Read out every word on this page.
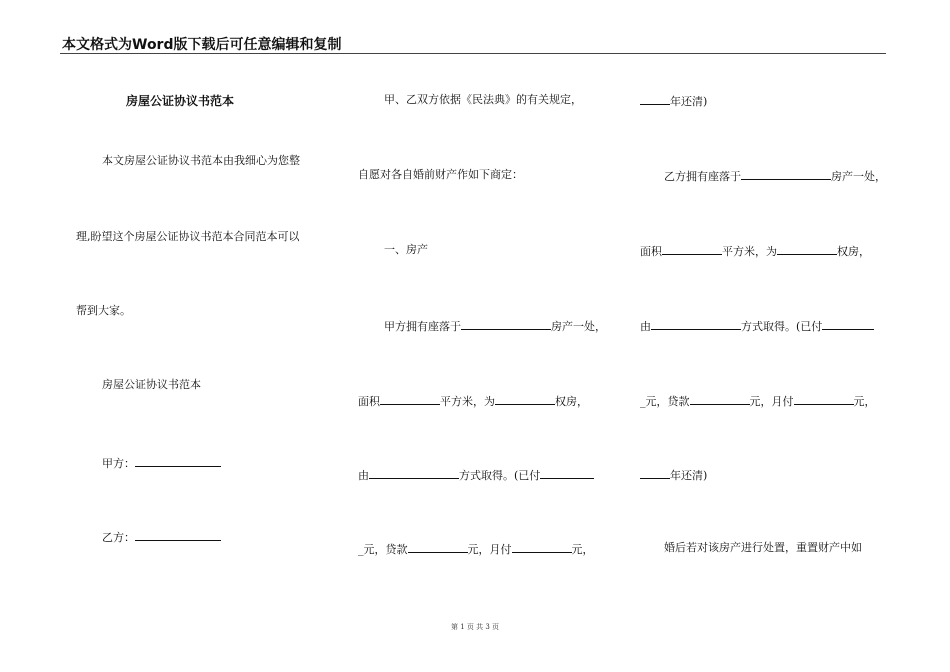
本文格式为Word版下载后可任意编辑和复制
房屋公证协议书范本
本文房屋公证协议书范本由我细心为您整
理,盼望这个房屋公证协议书范本合同范本可以
帮到大家。
房屋公证协议书范本
甲方：
乙方：
甲、乙双方依据《民法典》的有关规定，
自愿对各自婚前财产作如下商定：
一、房产
甲方拥有座落于	房产一处，
面积	平方米，为	权房，
由	方式取得。(已付
_元，贷款	元，月付	元，
年还清)
乙方拥有座落于	房产一处，
面积	平方米，为	权房，
由	方式取得。(已付
_元，贷款	元，月付	元，
年还清)
婚后若对该房产进行处置，重置财产中如
第 1 页 共 3 页
